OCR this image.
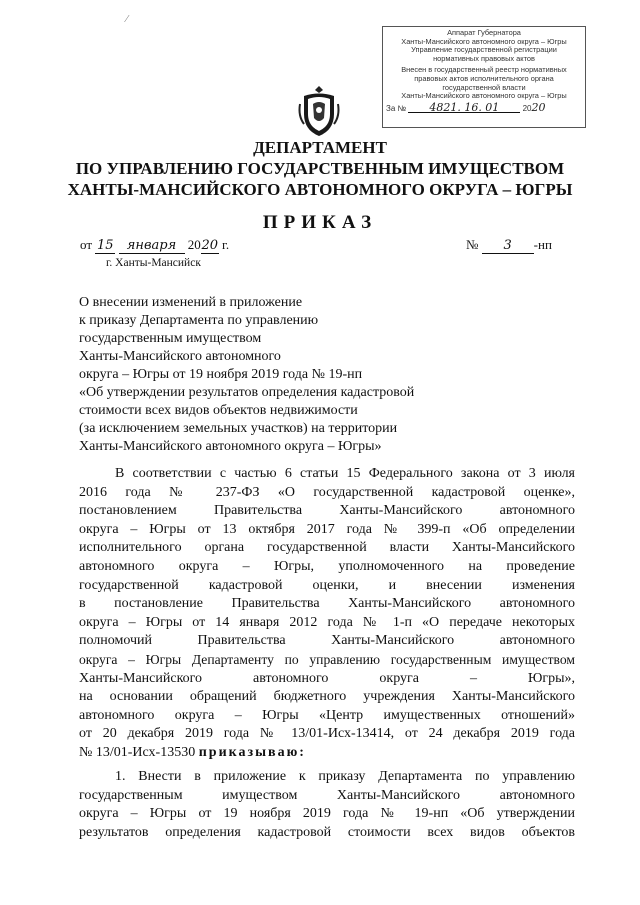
⁄
Аппарат Губернатора
Ханты-Мансийского автономного округа – Югры
Управление государственной регистрации
нормативных правовых актов
Внесен в государственный реестр нормативных
правовых актов исполнительного органа
государственной власти
Ханты-Мансийского автономного округа – Югры
За № 4821. 16. 01	2020
ДЕПАРТАМЕНТ
ПО УПРАВЛЕНИЮ ГОСУДАРСТВЕННЫМ ИМУЩЕСТВОМ
ХАНТЫ-МАНСИЙСКОГО АВТОНОМНОГО ОКРУГА – ЮГРЫ
ПРИКАЗ
от 15 января 2020 г.
г. Ханты-Мансийск
№ 3 -нп
О внесении изменений в приложение
к приказу Департамента по управлению
государственным имуществом
Ханты-Мансийского автономного
округа – Югры от 19 ноября 2019 года № 19-нп
«Об утверждении результатов определения кадастровой
стоимости всех видов объектов недвижимости
(за исключением земельных участков) на территории
Ханты-Мансийского автономного округа – Югры»
В соответствии с частью 6 статьи 15 Федерального закона от 3 июля
2016 года № 237-ФЗ «О государственной кадастровой оценке»,
постановлением Правительства Ханты-Мансийского автономного
округа – Югры от 13 октября 2017 года № 399-п «Об определении
исполнительного органа государственной власти Ханты-Мансийского
автономного округа – Югры, уполномоченного на проведение
государственной кадастровой оценки, и внесении изменения
в постановление Правительства Ханты-Мансийского автономного
округа – Югры от 14 января 2012 года № 1-п «О передаче некоторых
полномочий Правительства Ханты-Мансийского автономного
округа – Югры Департаменту по управлению государственным имуществом
Ханты-Мансийского автономного округа – Югры»,
на основании обращений бюджетного учреждения Ханты-Мансийского
автономного округа – Югры «Центр имущественных отношений»
от 20 декабря 2019 года № 13/01-Исх-13414, от 24 декабря 2019 года
№ 13/01-Исх-13530 приказываю:
1. Внести в приложение к приказу Департамента по управлению
государственным имуществом Ханты-Мансийского автономного
округа – Югры от 19 ноября 2019 года № 19-нп «Об утверждении
результатов определения кадастровой стоимости всех видов объектов
